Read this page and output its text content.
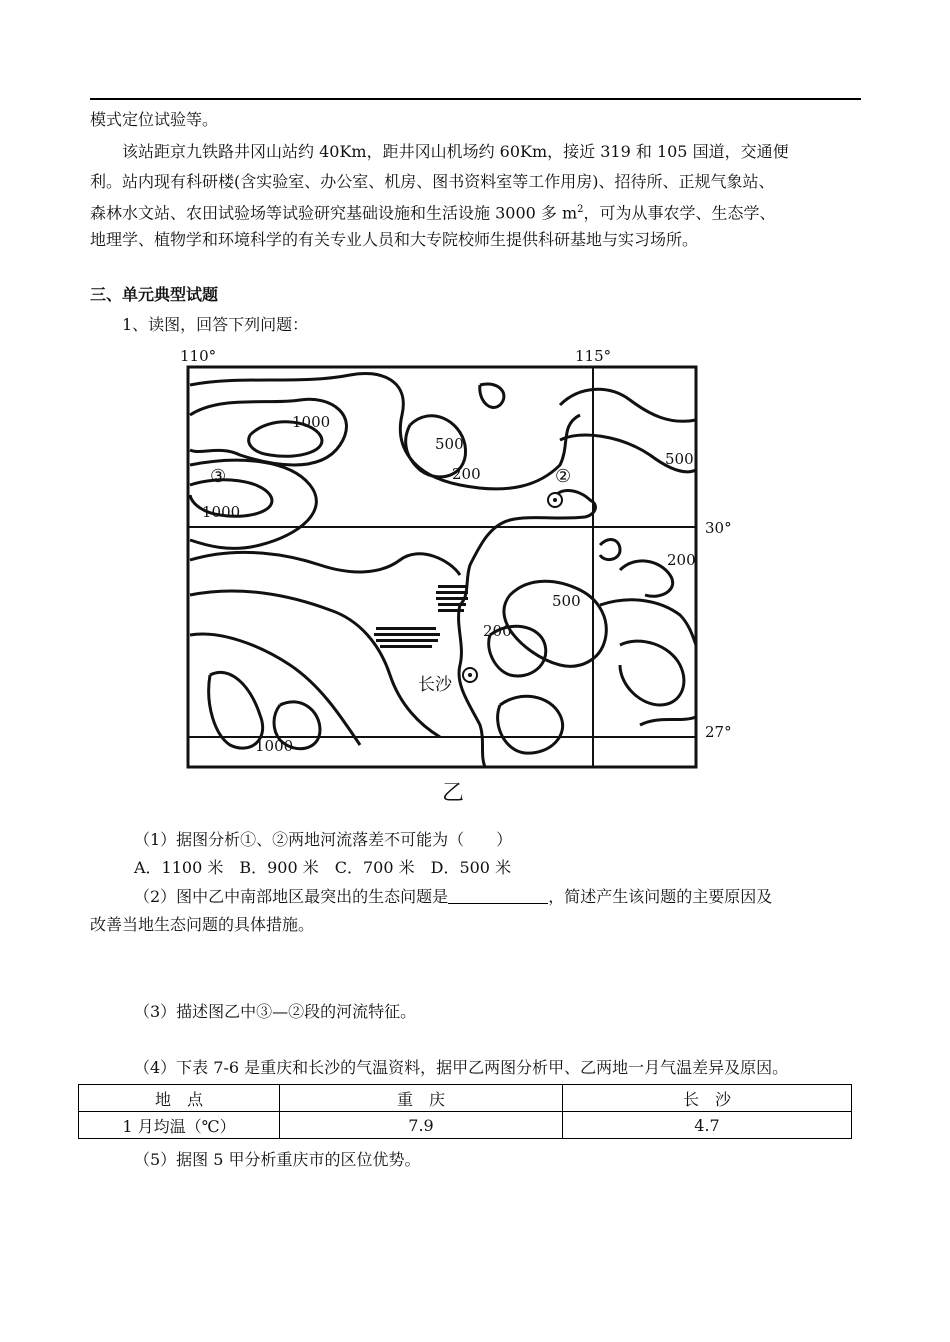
模式定位试验等。
该站距京九铁路井冈山站约 40Km，距井冈山机场约 60Km，接近 319 和 105 国道，交通便
利。站内现有科研楼(含实验室、办公室、机房、图书资料室等工作用房)、招待所、正规气象站、
森林水文站、农田试验场等试验研究基础设施和生活设施 3000 多 $m^2$，可为从事农学、生态学、
地理学、植物学和环境科学的有关专业人员和大专院校师生提供科研基地与实习场所。
三、单元典型试题
1、读图，回答下列问题：
110°	115°
30°
27°
1000
500
200
500
1000
200
500
200
1000
③	②
长沙
乙
（1）据图分析①、②两地河流落差不可能为（　　）
A．1100 米　B．900 米　C．700 米　D．500 米
（2）图中乙中南部地区最突出的生态问题是	，简述产生该问题的主要原因及
改善当地生态问题的具体措施。
（3）描述图乙中③—②段的河流特征。
（4）下表 7-6 是重庆和长沙的气温资料，据甲乙两图分析甲、乙两地一月气温差异及原因。
地　点	重　庆	长　沙
1 月均温（℃）	7.9	4.7
（5）据图 5 甲分析重庆市的区位优势。
